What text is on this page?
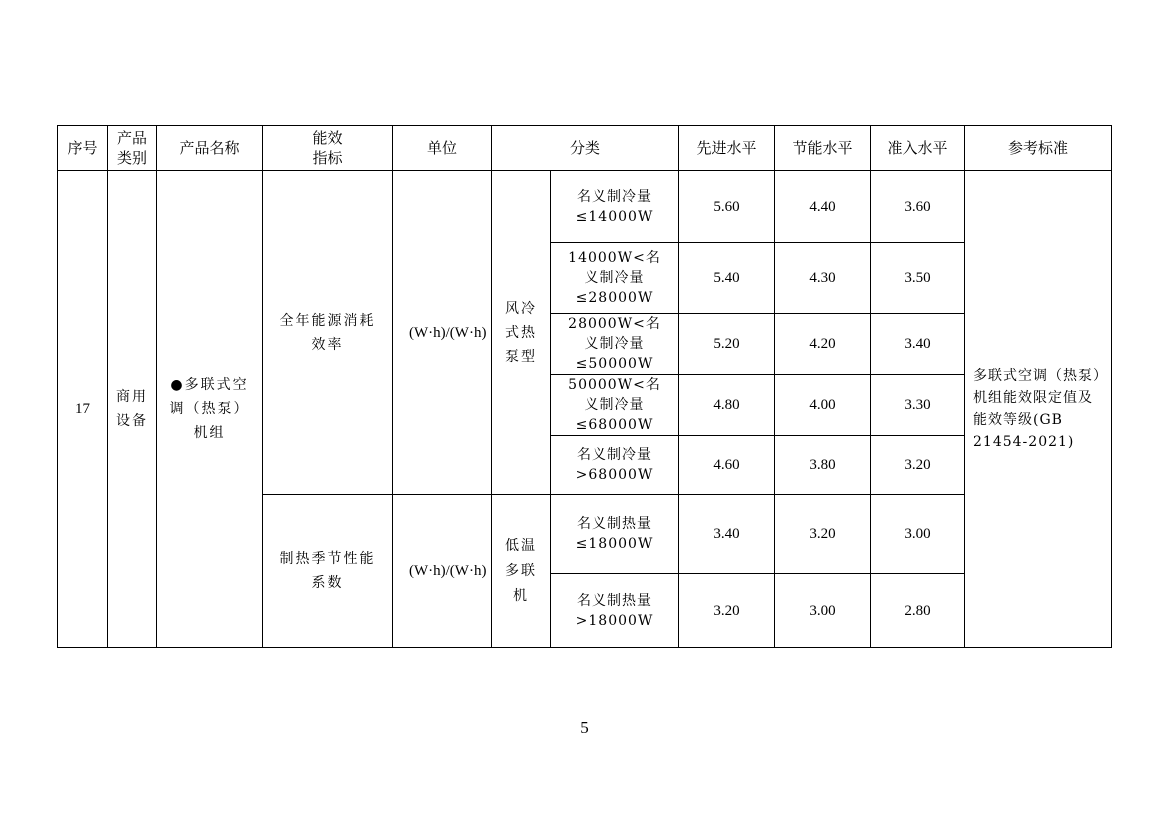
序号	产品类别	产品名称	能效指标	单位	分类		先进水平	节能水平	准入水平	参考标准
17	商用设备	●多联式空调（热泵）机组	全年能源消耗效率	(W·h)/(W·h)	风冷式热泵型	名义制冷量≤14000W	5.60	4.40	3.60	多联式空调（热泵）机组能效限定值及能效等级(GB 21454-2021)
						14000W<名义制冷量≤28000W	5.40	4.30	3.50	
						28000W<名义制冷量≤50000W	5.20	4.20	3.40	
						50000W<名义制冷量≤68000W	4.80	4.00	3.30	
						名义制冷量>68000W	4.60	3.80	3.20	
			制热季节性能系数	(W·h)/(W·h)	低温多联机	名义制热量≤18000W	3.40	3.20	3.00	
						名义制热量>18000W	3.20	3.00	2.80	
5
